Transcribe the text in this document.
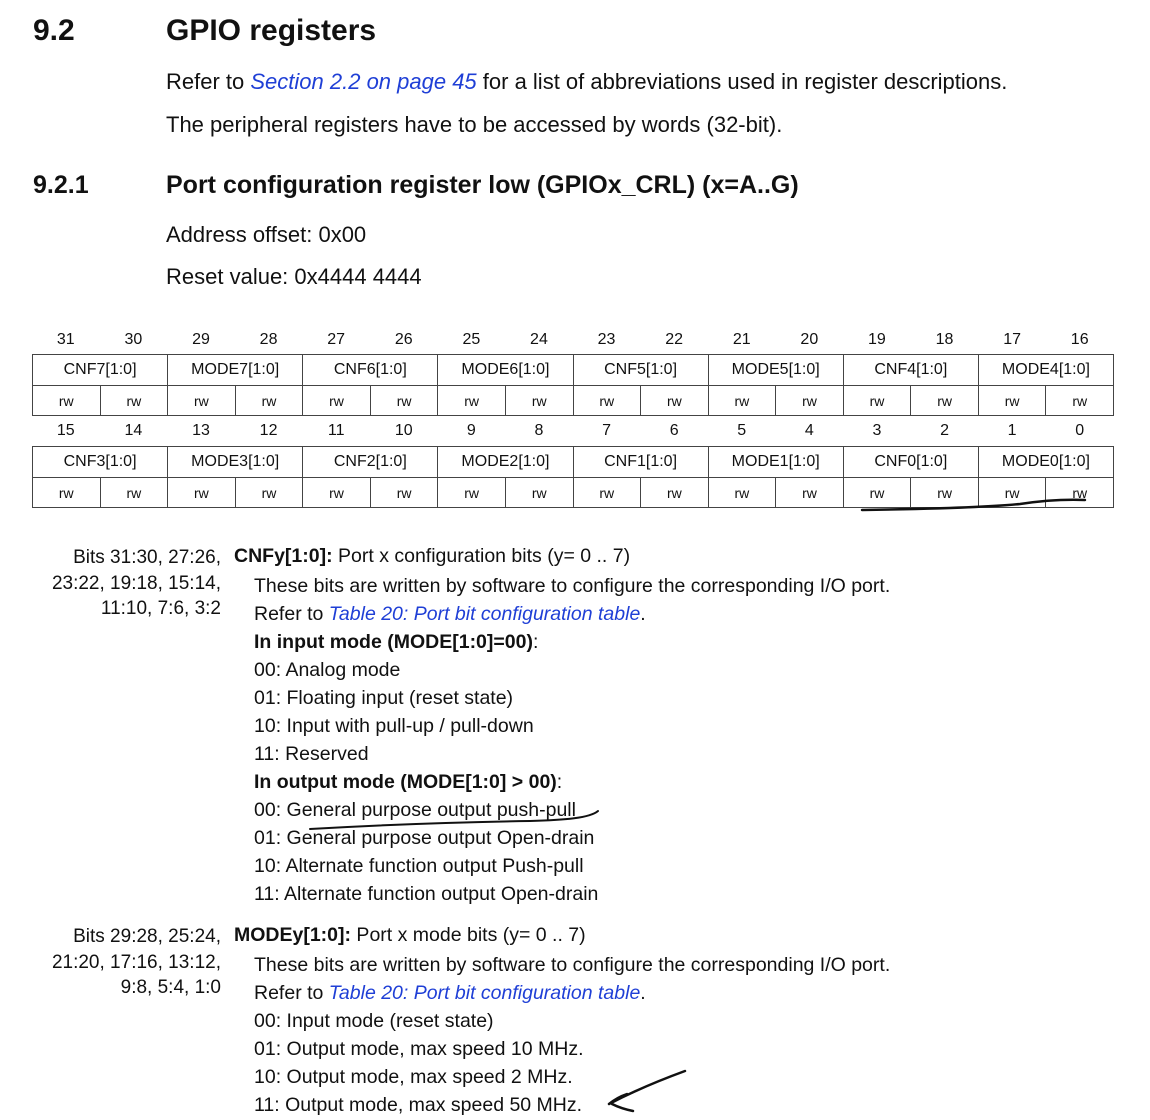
9.2	GPIO registers
Refer to Section 2.2 on page 45 for a list of abbreviations used in register descriptions.
The peripheral registers have to be accessed by words (32-bit).
9.2.1	Port configuration register low (GPIOx_CRL) (x=A..G)
Address offset: 0x00
Reset value: 0x4444 4444
31	30	29	28	27	26	25	24	23	22	21	20	19	18	17	16
CNF7[1:0]		MODE7[1:0]		CNF6[1:0]		MODE6[1:0]		CNF5[1:0]		MODE5[1:0]		CNF4[1:0]		MODE4[1:0]	
rw	rw	rw	rw	rw	rw	rw	rw	rw	rw	rw	rw	rw	rw	rw	rw
15	14	13	12	11	10	9	8	7	6	5	4	3	2	1	0
CNF3[1:0]		MODE3[1:0]		CNF2[1:0]		MODE2[1:0]		CNF1[1:0]		MODE1[1:0]		CNF0[1:0]		MODE0[1:0]	
rw	rw	rw	rw	rw	rw	rw	rw	rw	rw	rw	rw	rw	rw	rw	rw
Bits 31:30, 27:26,
23:22, 19:18, 15:14,
11:10, 7:6, 3:2
CNFy[1:0]: Port x configuration bits (y= 0 .. 7)
These bits are written by software to configure the corresponding I/O port.
Refer to Table 20: Port bit configuration table.
In input mode (MODE[1:0]=00):
00: Analog mode
01: Floating input (reset state)
10: Input with pull-up / pull-down
11: Reserved
In output mode (MODE[1:0] > 00):
00: General purpose output push-pull
01: General purpose output Open-drain
10: Alternate function output Push-pull
11: Alternate function output Open-drain
Bits 29:28, 25:24,
21:20, 17:16, 13:12,
9:8, 5:4, 1:0
MODEy[1:0]: Port x mode bits (y= 0 .. 7)
These bits are written by software to configure the corresponding I/O port.
Refer to Table 20: Port bit configuration table.
00: Input mode (reset state)
01: Output mode, max speed 10 MHz.
10: Output mode, max speed 2 MHz.
11: Output mode, max speed 50 MHz.
